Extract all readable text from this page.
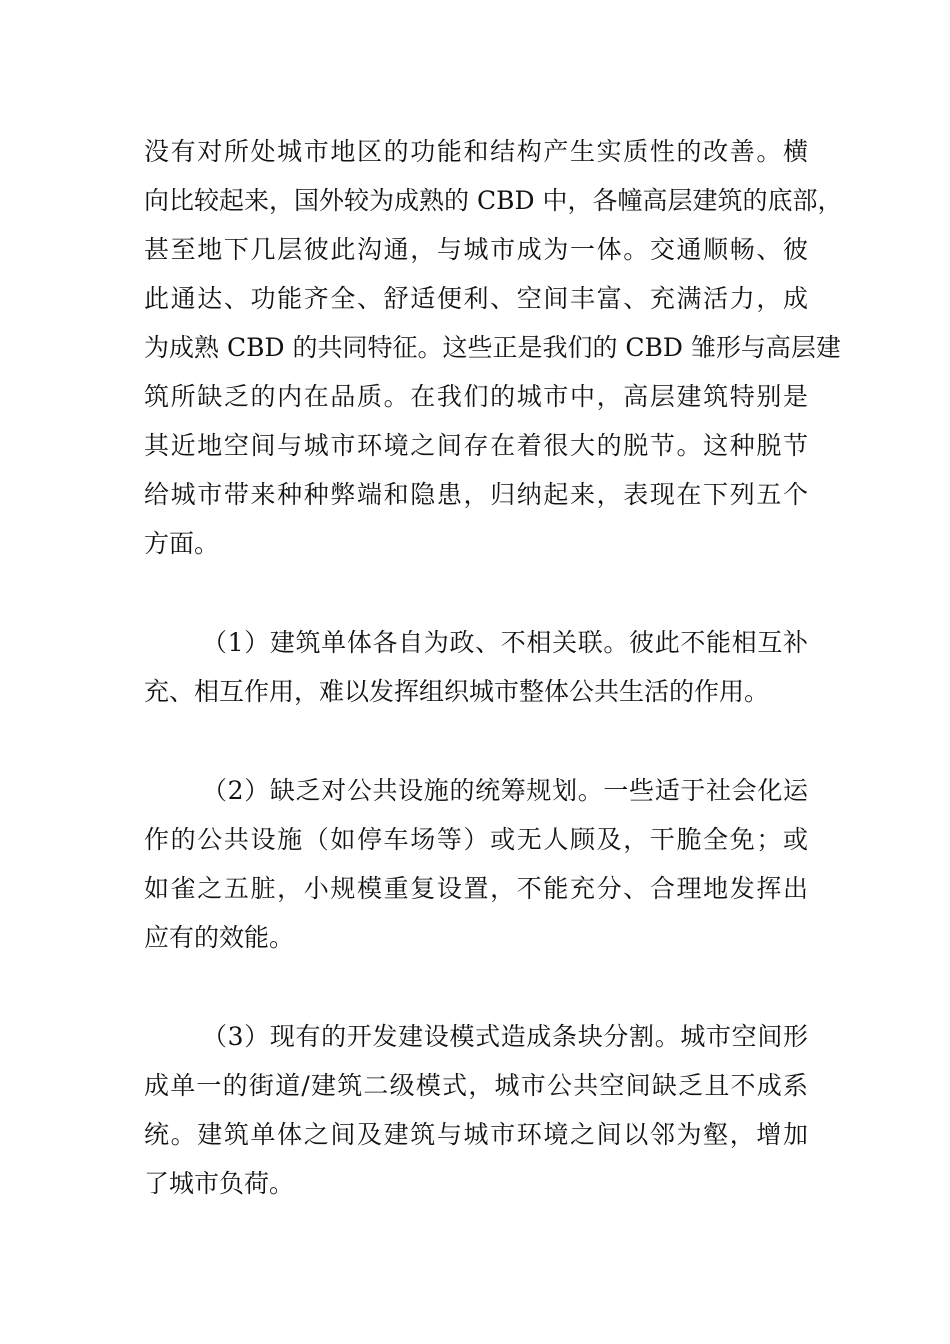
没有对所处城市地区的功能和结构产生实质性的改善。横
向比较起来，国外较为成熟的 CBD 中，各幢高层建筑的底部，
甚至地下几层彼此沟通，与城市成为一体。交通顺畅、彼
此通达、功能齐全、舒适便利、空间丰富、充满活力，成
为成熟 CBD 的共同特征。这些正是我们的 CBD 雏形与高层建
筑所缺乏的内在品质。在我们的城市中，高层建筑特别是
其近地空间与城市环境之间存在着很大的脱节。这种脱节
给城市带来种种弊端和隐患，归纳起来，表现在下列五个
方面。
（1）建筑单体各自为政、不相关联。彼此不能相互补
充、相互作用，难以发挥组织城市整体公共生活的作用。
（2）缺乏对公共设施的统筹规划。一些适于社会化运
作的公共设施（如停车场等）或无人顾及，干脆全免；或
如雀之五脏，小规模重复设置，不能充分、合理地发挥出
应有的效能。
（3）现有的开发建设模式造成条块分割。城市空间形
成单一的街道/建筑二级模式，城市公共空间缺乏且不成系
统。建筑单体之间及建筑与城市环境之间以邻为壑，增加
了城市负荷。
